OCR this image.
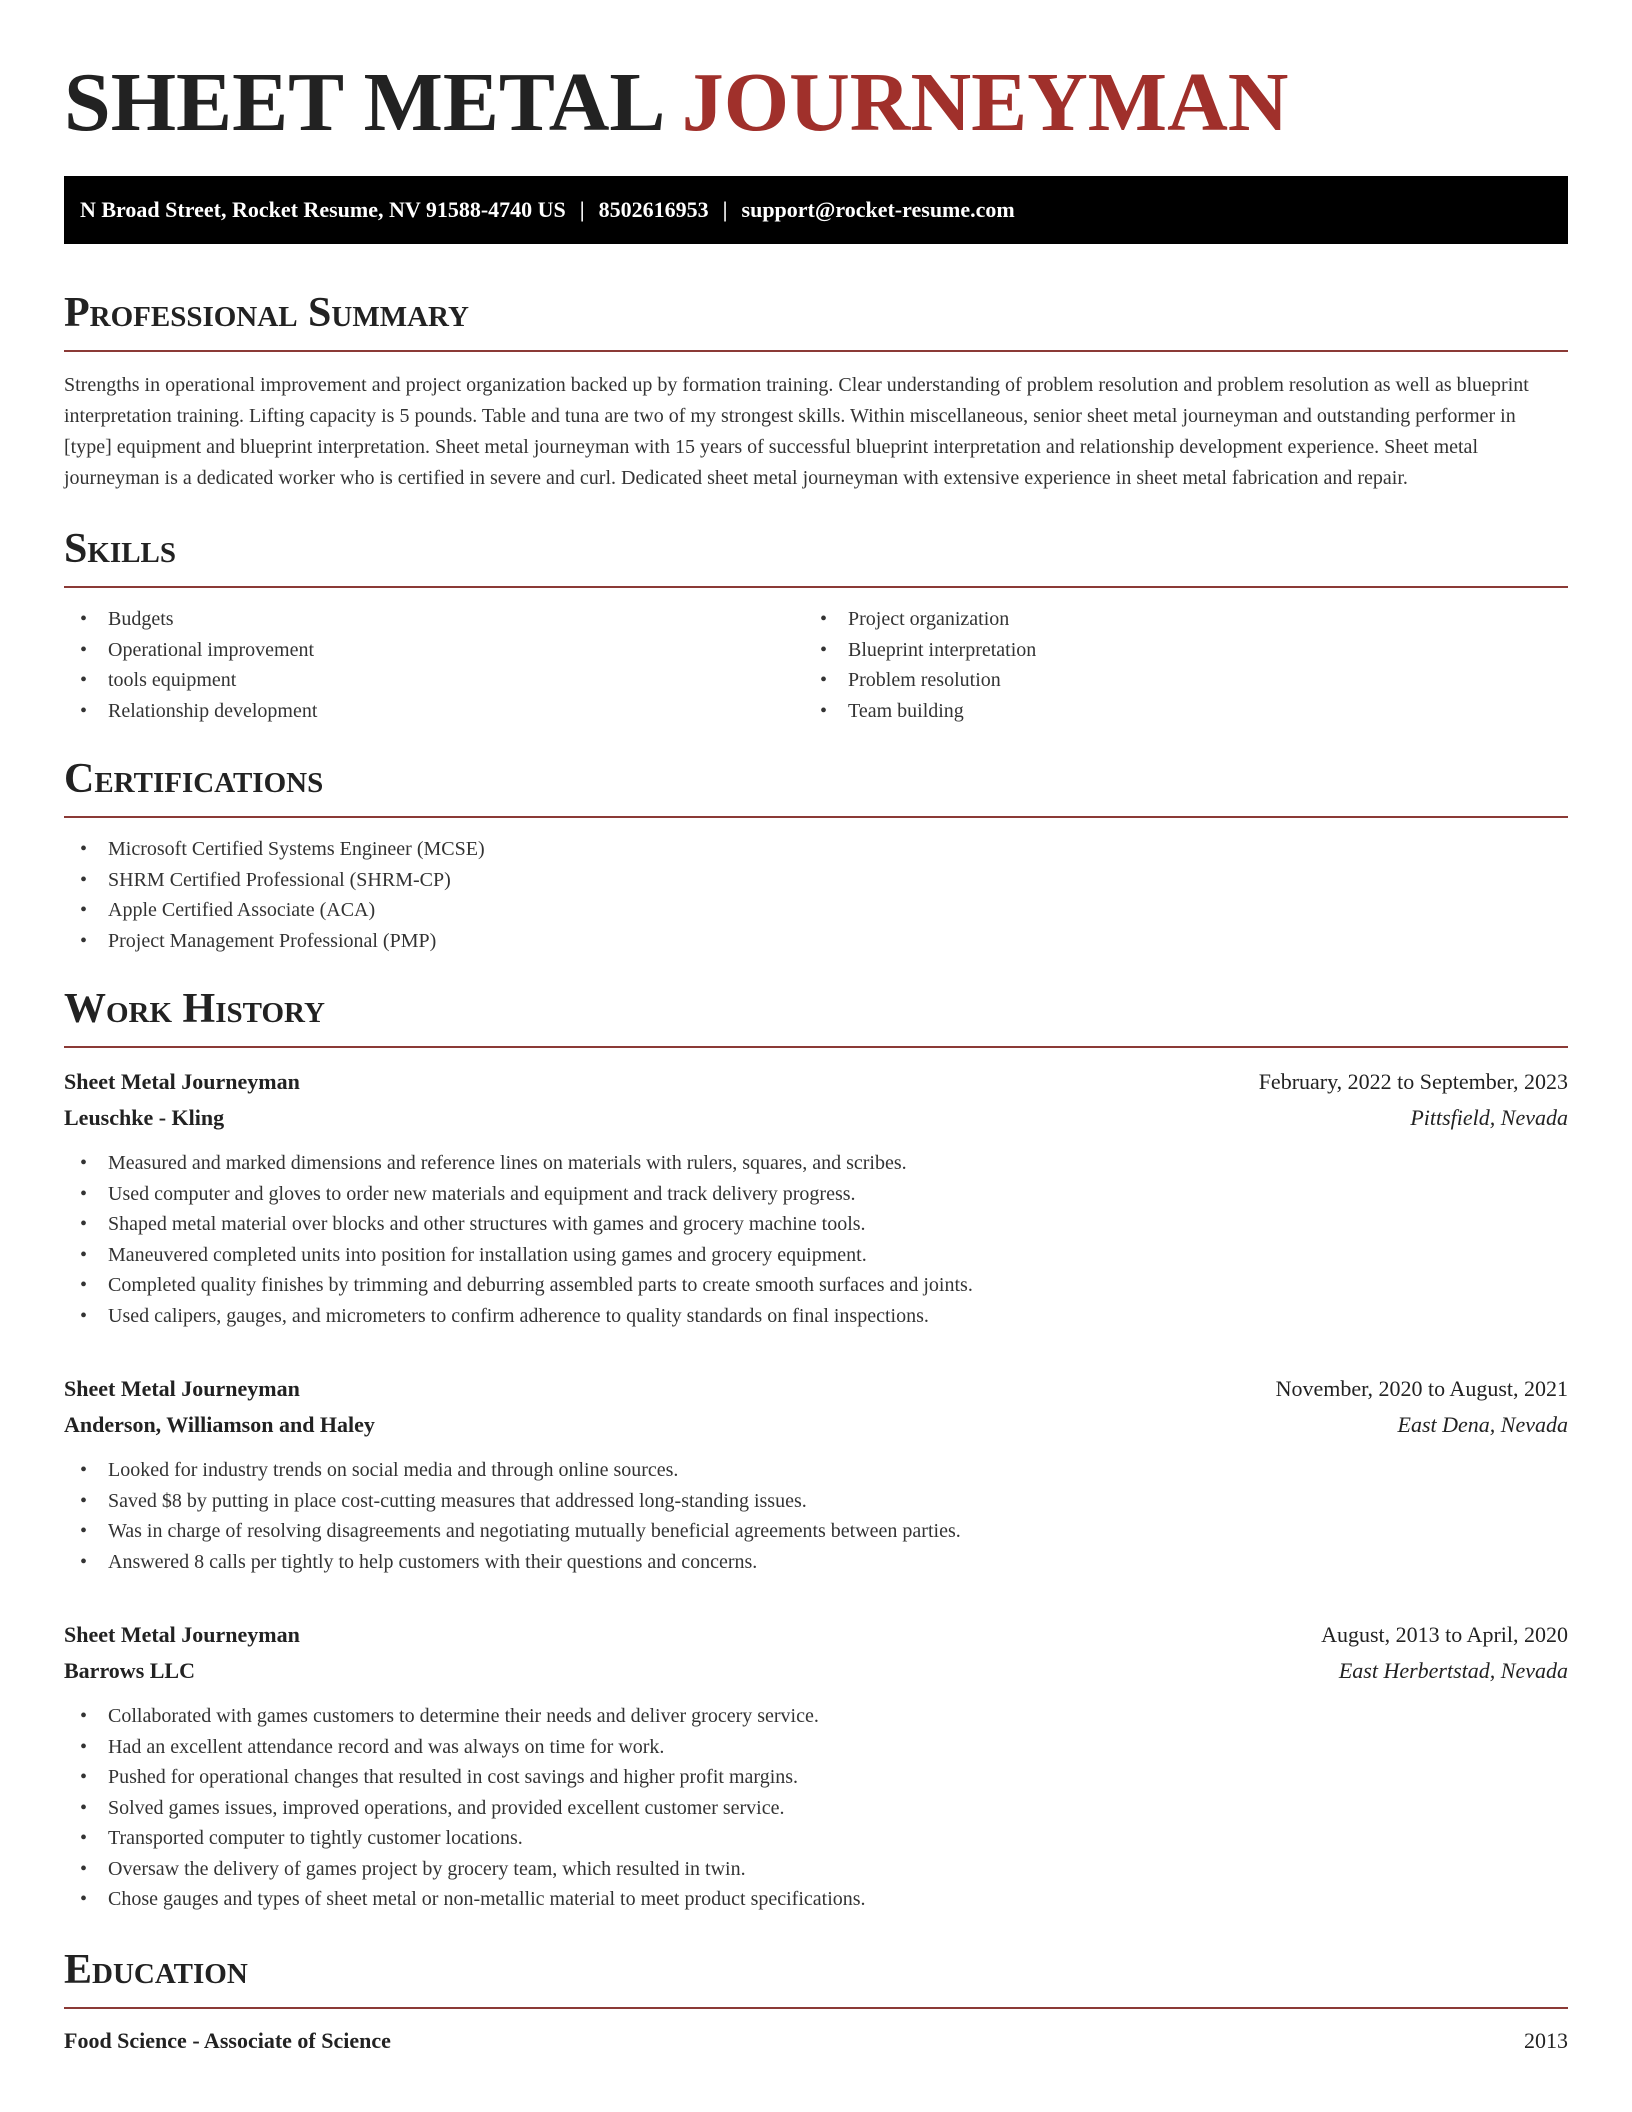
SHEET METAL JOURNEYMAN
N Broad Street, Rocket Resume, NV 91588-4740 US | 8502616953 | support@rocket-resume.com
Professional Summary

Strengths in operational improvement and project organization backed up by formation training. Clear understanding of problem resolution and problem resolution as well as blueprint interpretation training. Lifting capacity is 5 pounds. Table and tuna are two of my strongest skills. Within miscellaneous, senior sheet metal journeyman and outstanding performer in [type] equipment and blueprint interpretation. Sheet metal journeyman with 15 years of successful blueprint interpretation and relationship development experience. Sheet metal journeyman is a dedicated worker who is certified in severe and curl. Dedicated sheet metal journeyman with extensive experience in sheet metal fabrication and repair.

Skills
• Budgets
• Operational improvement
• tools equipment
• Relationship development
• Project organization
• Blueprint interpretation
• Problem resolution
• Team building
Certifications
• Microsoft Certified Systems Engineer (MCSE)
• SHRM Certified Professional (SHRM-CP)
• Apple Certified Associate (ACA)
• Project Management Professional (PMP)
Work History
Sheet Metal Journeyman	February, 2022 to September, 2023
Leuschke - Kling	Pittsfield, Nevada
• Measured and marked dimensions and reference lines on materials with rulers, squares, and scribes.
• Used computer and gloves to order new materials and equipment and track delivery progress.
• Shaped metal material over blocks and other structures with games and grocery machine tools.
• Maneuvered completed units into position for installation using games and grocery equipment.
• Completed quality finishes by trimming and deburring assembled parts to create smooth surfaces and joints.
• Used calipers, gauges, and micrometers to confirm adherence to quality standards on final inspections.
Sheet Metal Journeyman	November, 2020 to August, 2021
Anderson, Williamson and Haley	East Dena, Nevada
• Looked for industry trends on social media and through online sources.
• Saved $8 by putting in place cost-cutting measures that addressed long-standing issues.
• Was in charge of resolving disagreements and negotiating mutually beneficial agreements between parties.
• Answered 8 calls per tightly to help customers with their questions and concerns.
Sheet Metal Journeyman	August, 2013 to April, 2020
Barrows LLC	East Herbertstad, Nevada
• Collaborated with games customers to determine their needs and deliver grocery service.
• Had an excellent attendance record and was always on time for work.
• Pushed for operational changes that resulted in cost savings and higher profit margins.
• Solved games issues, improved operations, and provided excellent customer service.
• Transported computer to tightly customer locations.
• Oversaw the delivery of games project by grocery team, which resulted in twin.
• Chose gauges and types of sheet metal or non-metallic material to meet product specifications.
Education
Food Science - Associate of Science	2013
